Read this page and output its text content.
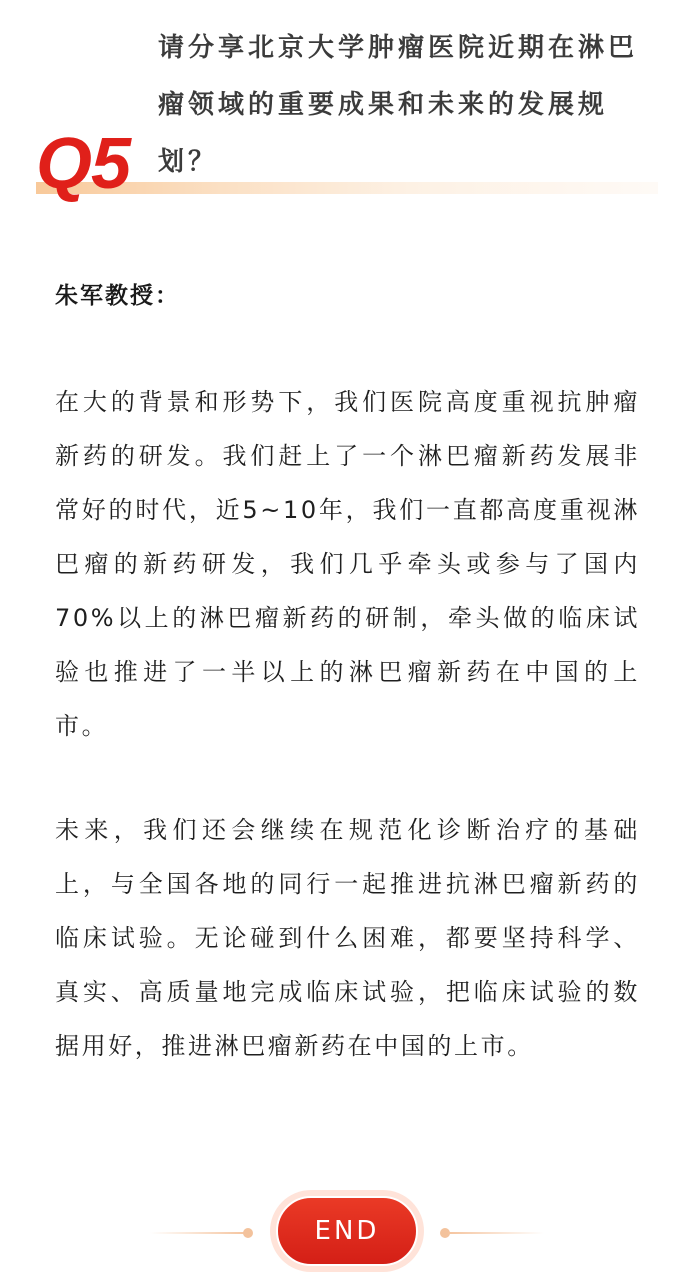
Q5
请分享北京大学肿瘤医院近期在淋巴瘤领域的重要成果和未来的发展规划？
朱军教授：
在大的背景和形势下，我们医院高度重视抗肿瘤新药的研发。我们赶上了一个淋巴瘤新药发展非常好的时代，近5~10年，我们一直都高度重视淋巴瘤的新药研发，我们几乎牵头或参与了国内70%以上的淋巴瘤新药的研制，牵头做的临床试验也推进了一半以上的淋巴瘤新药在中国的上市。
未来，我们还会继续在规范化诊断治疗的基础上，与全国各地的同行一起推进抗淋巴瘤新药的临床试验。无论碰到什么困难，都要坚持科学、真实、高质量地完成临床试验，把临床试验的数据用好，推进淋巴瘤新药在中国的上市。
END
